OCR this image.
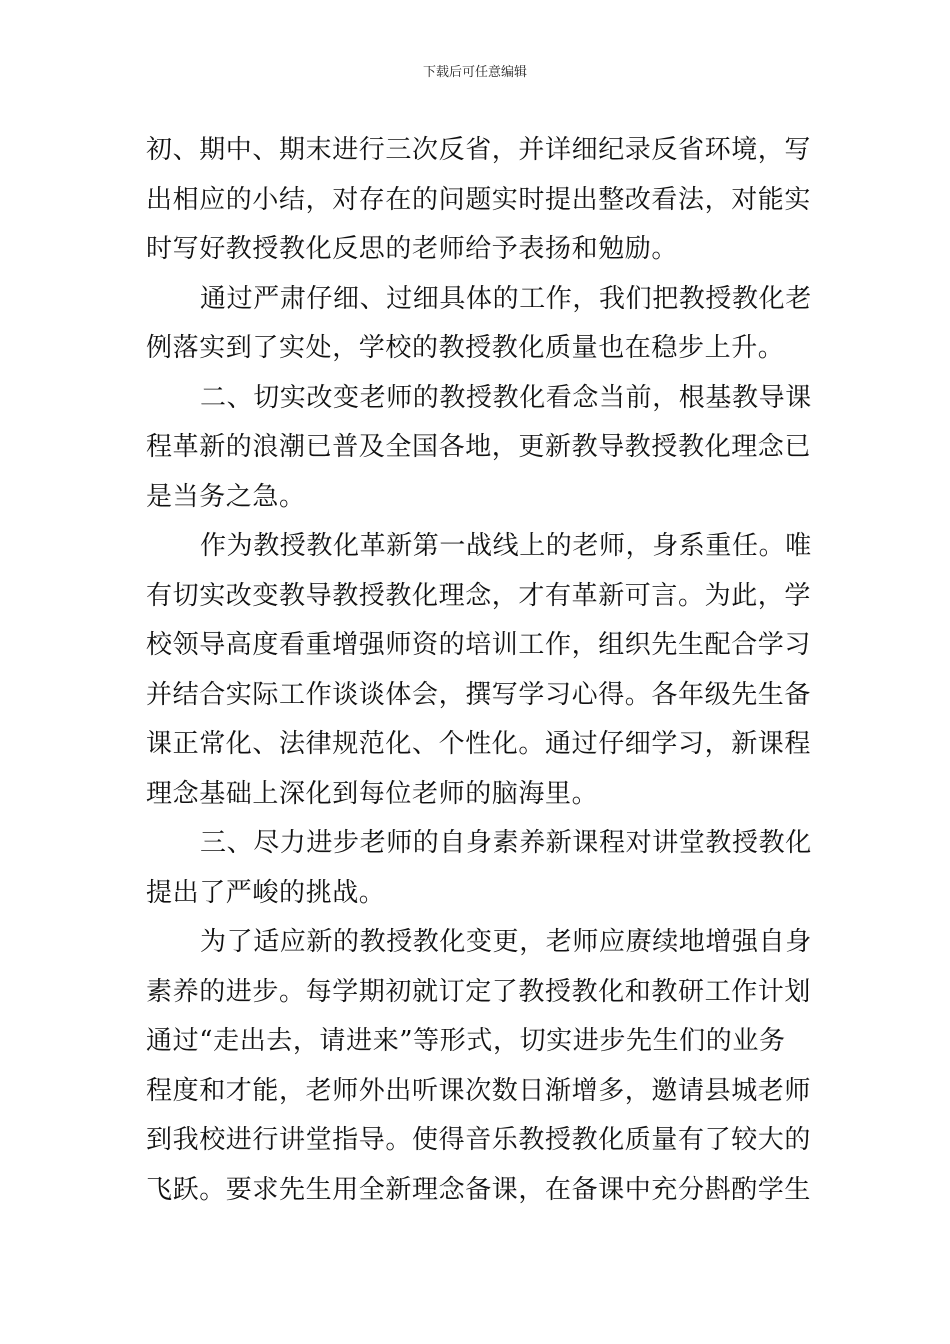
下载后可任意编辑
初、期中、期末进行三次反省，并详细纪录反省环境，写
出相应的小结，对存在的问题实时提出整改看法，对能实
时写好教授教化反思的老师给予表扬和勉励。
通过严肃仔细、过细具体的工作，我们把教授教化老
例落实到了实处，学校的教授教化质量也在稳步上升。
二、切实改变老师的教授教化看念当前，根基教导课
程革新的浪潮已普及全国各地，更新教导教授教化理念已
是当务之急。
作为教授教化革新第一战线上的老师，身系重任。唯
有切实改变教导教授教化理念，才有革新可言。为此，学
校领导高度看重增强师资的培训工作，组织先生配合学习
并结合实际工作谈谈体会，撰写学习心得。各年级先生备
课正常化、法律规范化、个性化。通过仔细学习，新课程
理念基础上深化到每位老师的脑海里。
三、尽力进步老师的自身素养新课程对讲堂教授教化
提出了严峻的挑战。
为了适应新的教授教化变更，老师应赓续地增强自身
素养的进步。每学期初就订定了教授教化和教研工作计划
通过“走出去，请进来”等形式，切实进步先生们的业务
程度和才能，老师外出听课次数日渐增多，邀请县城老师
到我校进行讲堂指导。使得音乐教授教化质量有了较大的
飞跃。要求先生用全新理念备课，在备课中充分斟酌学生
